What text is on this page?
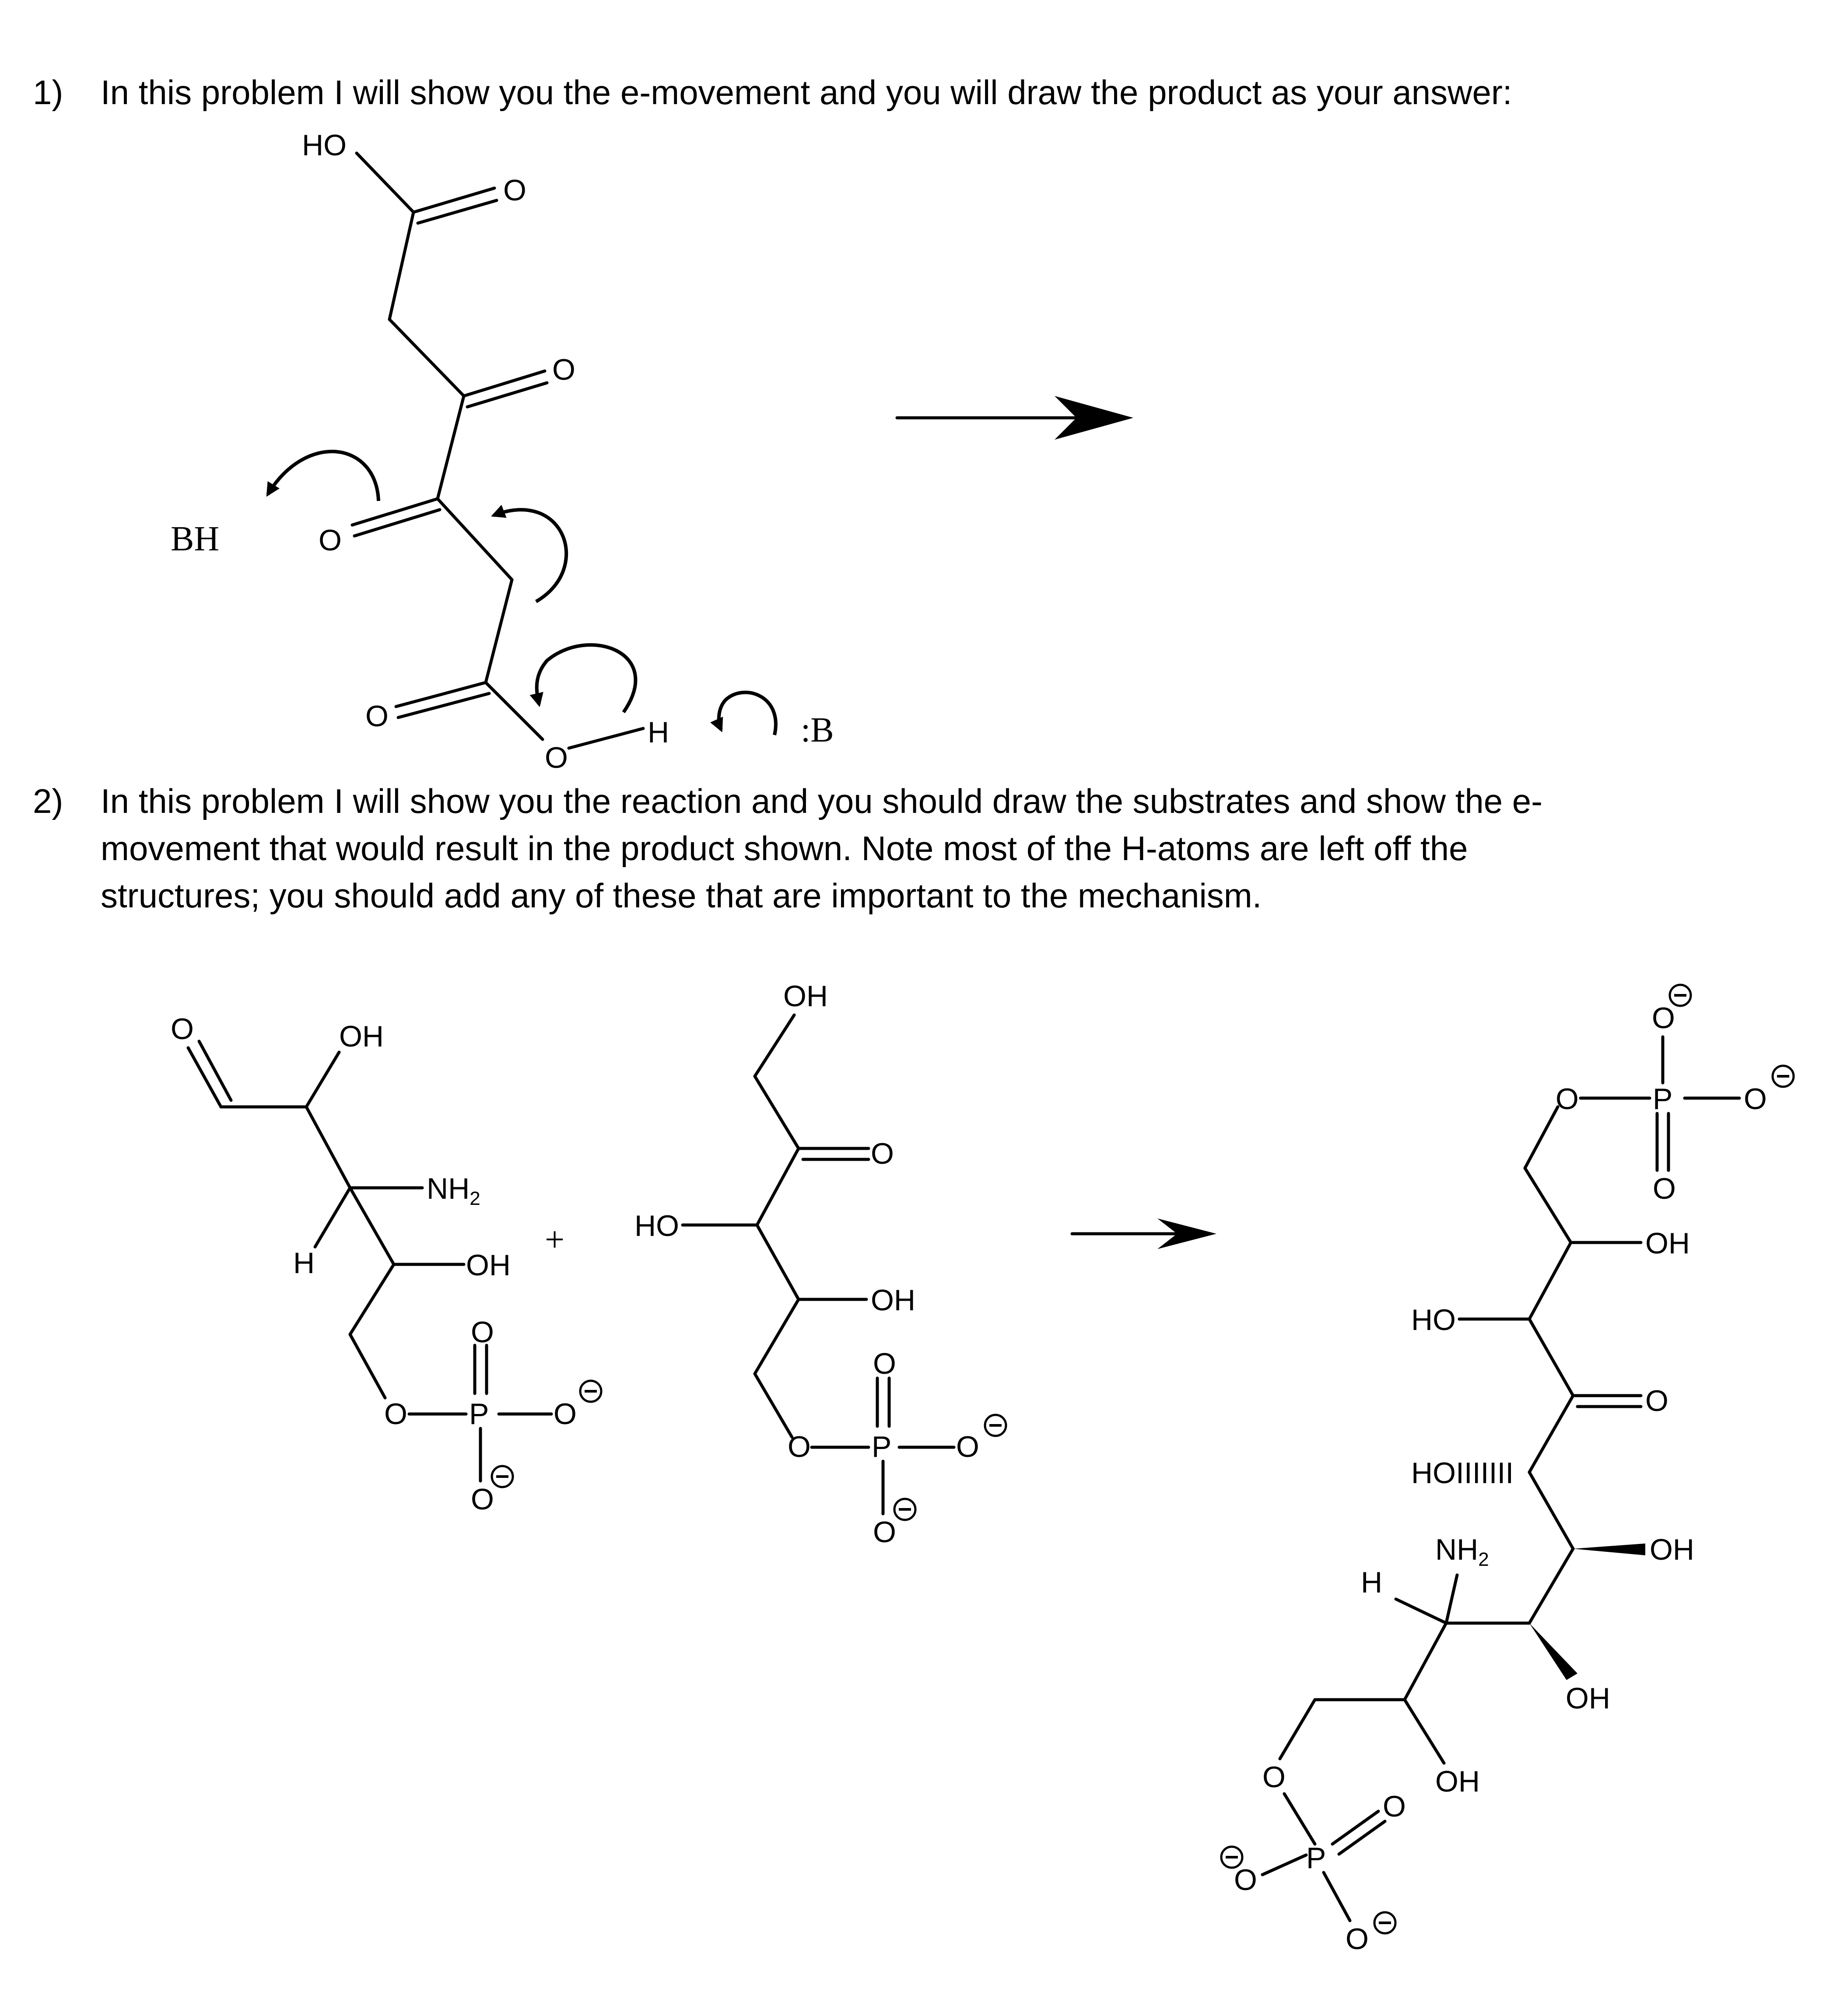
1)	In this problem I will show you the e-movement and you will draw the product as your answer:
2)	In this problem I will show you the reaction and you should draw the substrates and show the e-
movement that would result in the product shown. Note most of the H-atoms are left off the
structures; you should add any of these that are important to the mechanism.
HO
O
O
O
O
O
H
BH
:B
O	OH
$NH_2$
H	OH
O P O
O
O
+
OH
O
HO
OH
O P O
O
O
O
P O
O
O
OH
HO
O
HOIIIIIII
OH
OH
$NH_2$
H
OH
O
P
O
O
O
